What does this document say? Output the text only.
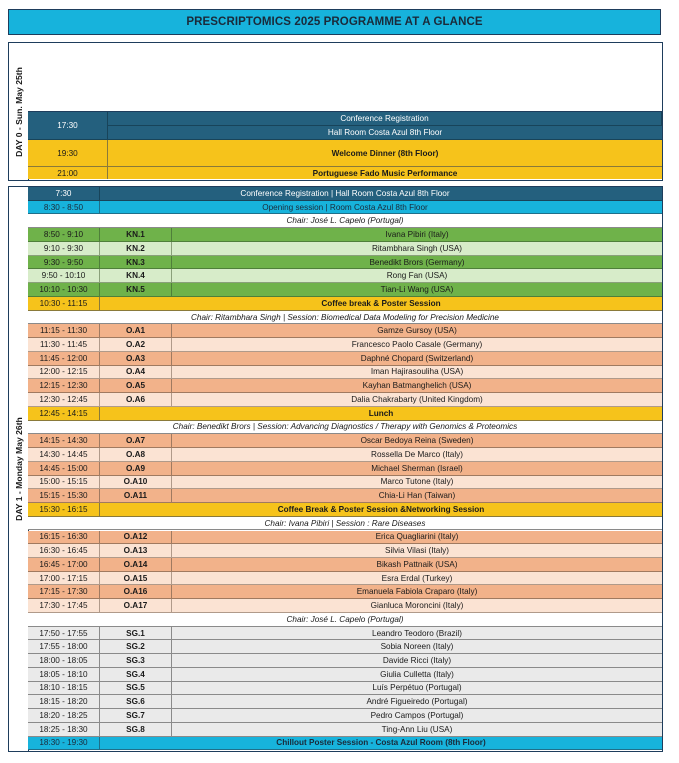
PRESCRIPTOMICS 2025 PROGRAMME AT A GLANCE
DAY 0 - Sun. May 25th	17:30
Conference Registration
Hall Room Costa Azul 8th Floor
19:30	Welcome Dinner (8th Floor)
21:00	Portuguese Fado Music Performance
DAY 1 - Monday May 26th
7:30	Conference Registration | Hall Room Costa Azul 8th Floor
8:30 - 8:50	Opening session | Room Costa Azul 8th Floor
Chair: José L. Capelo (Portugal)
8:50 - 9:10	KN.1	Ivana Pibiri (Italy)
9:10 - 9:30	KN.2	Ritambhara Singh (USA)
9:30 - 9:50	KN.3	Benedikt Brors (Germany)
9:50 - 10:10	KN.4	Rong Fan (USA)
10:10 - 10:30	KN.5	Tian-Li Wang (USA)
10:30 - 11:15	Coffee break & Poster Session
Chair: Ritambhara Singh | Session: Biomedical Data Modeling for Precision Medicine
11:15 - 11:30	O.A1	Gamze Gursoy (USA)
11:30 - 11:45	O.A2	Francesco Paolo Casale (Germany)
11:45 - 12:00	O.A3	Daphné Chopard (Switzerland)
12:00 - 12:15	O.A4	Iman Hajirasouliha (USA)
12:15 - 12:30	O.A5	Kayhan Batmanghelich (USA)
12:30 - 12:45	O.A6	Dalia Chakrabarty (United Kingdom)
12:45 - 14:15	Lunch
Chair: Benedikt Brors | Session: Advancing Diagnostics / Therapy with Genomics & Proteomics
14:15 - 14:30	O.A7	Oscar Bedoya Reina (Sweden)
14:30 - 14:45	O.A8	Rossella De Marco (Italy)
14:45 - 15:00	O.A9	Michael Sherman (Israel)
15:00 - 15:15	O.A10	Marco Tutone (Italy)
15:15 - 15:30	O.A11	Chia-Li Han (Taiwan)
15:30 - 16:15	Coffee Break & Poster Session &Networking Session
Chair: Ivana Pibiri | Session : Rare Diseases
16:15 - 16:30	O.A12	Erica Quagliarini (Italy)
16:30 - 16:45	O.A13	Silvia Vilasi (Italy)
16:45 - 17:00	O.A14	Bikash Pattnaik (USA)
17:00 - 17:15	O.A15	Esra Erdal (Turkey)
17:15 - 17:30	O.A16	Emanuela Fabiola Craparo (Italy)
17:30 - 17:45	O.A17	Gianluca Moroncini (Italy)
Chair: José L. Capelo (Portugal)
17:50 - 17:55	SG.1	Leandro Teodoro (Brazil)
17:55 - 18:00	SG.2	Sobia Noreen (Italy)
18:00 - 18:05	SG.3	Davide Ricci (Italy)
18:05 - 18:10	SG.4	Giulia Culletta (Italy)
18:10 - 18:15	SG.5	Luís Perpétuo (Portugal)
18:15 - 18:20	SG.6	André Figueiredo (Portugal)
18:20 - 18:25	SG.7	Pedro Campos (Portugal)
18:25 - 18:30	SG.8	Ting-Ann Liu (USA)
18:30 - 19:30	Chillout Poster Session - Costa Azul Room (8th Floor)
